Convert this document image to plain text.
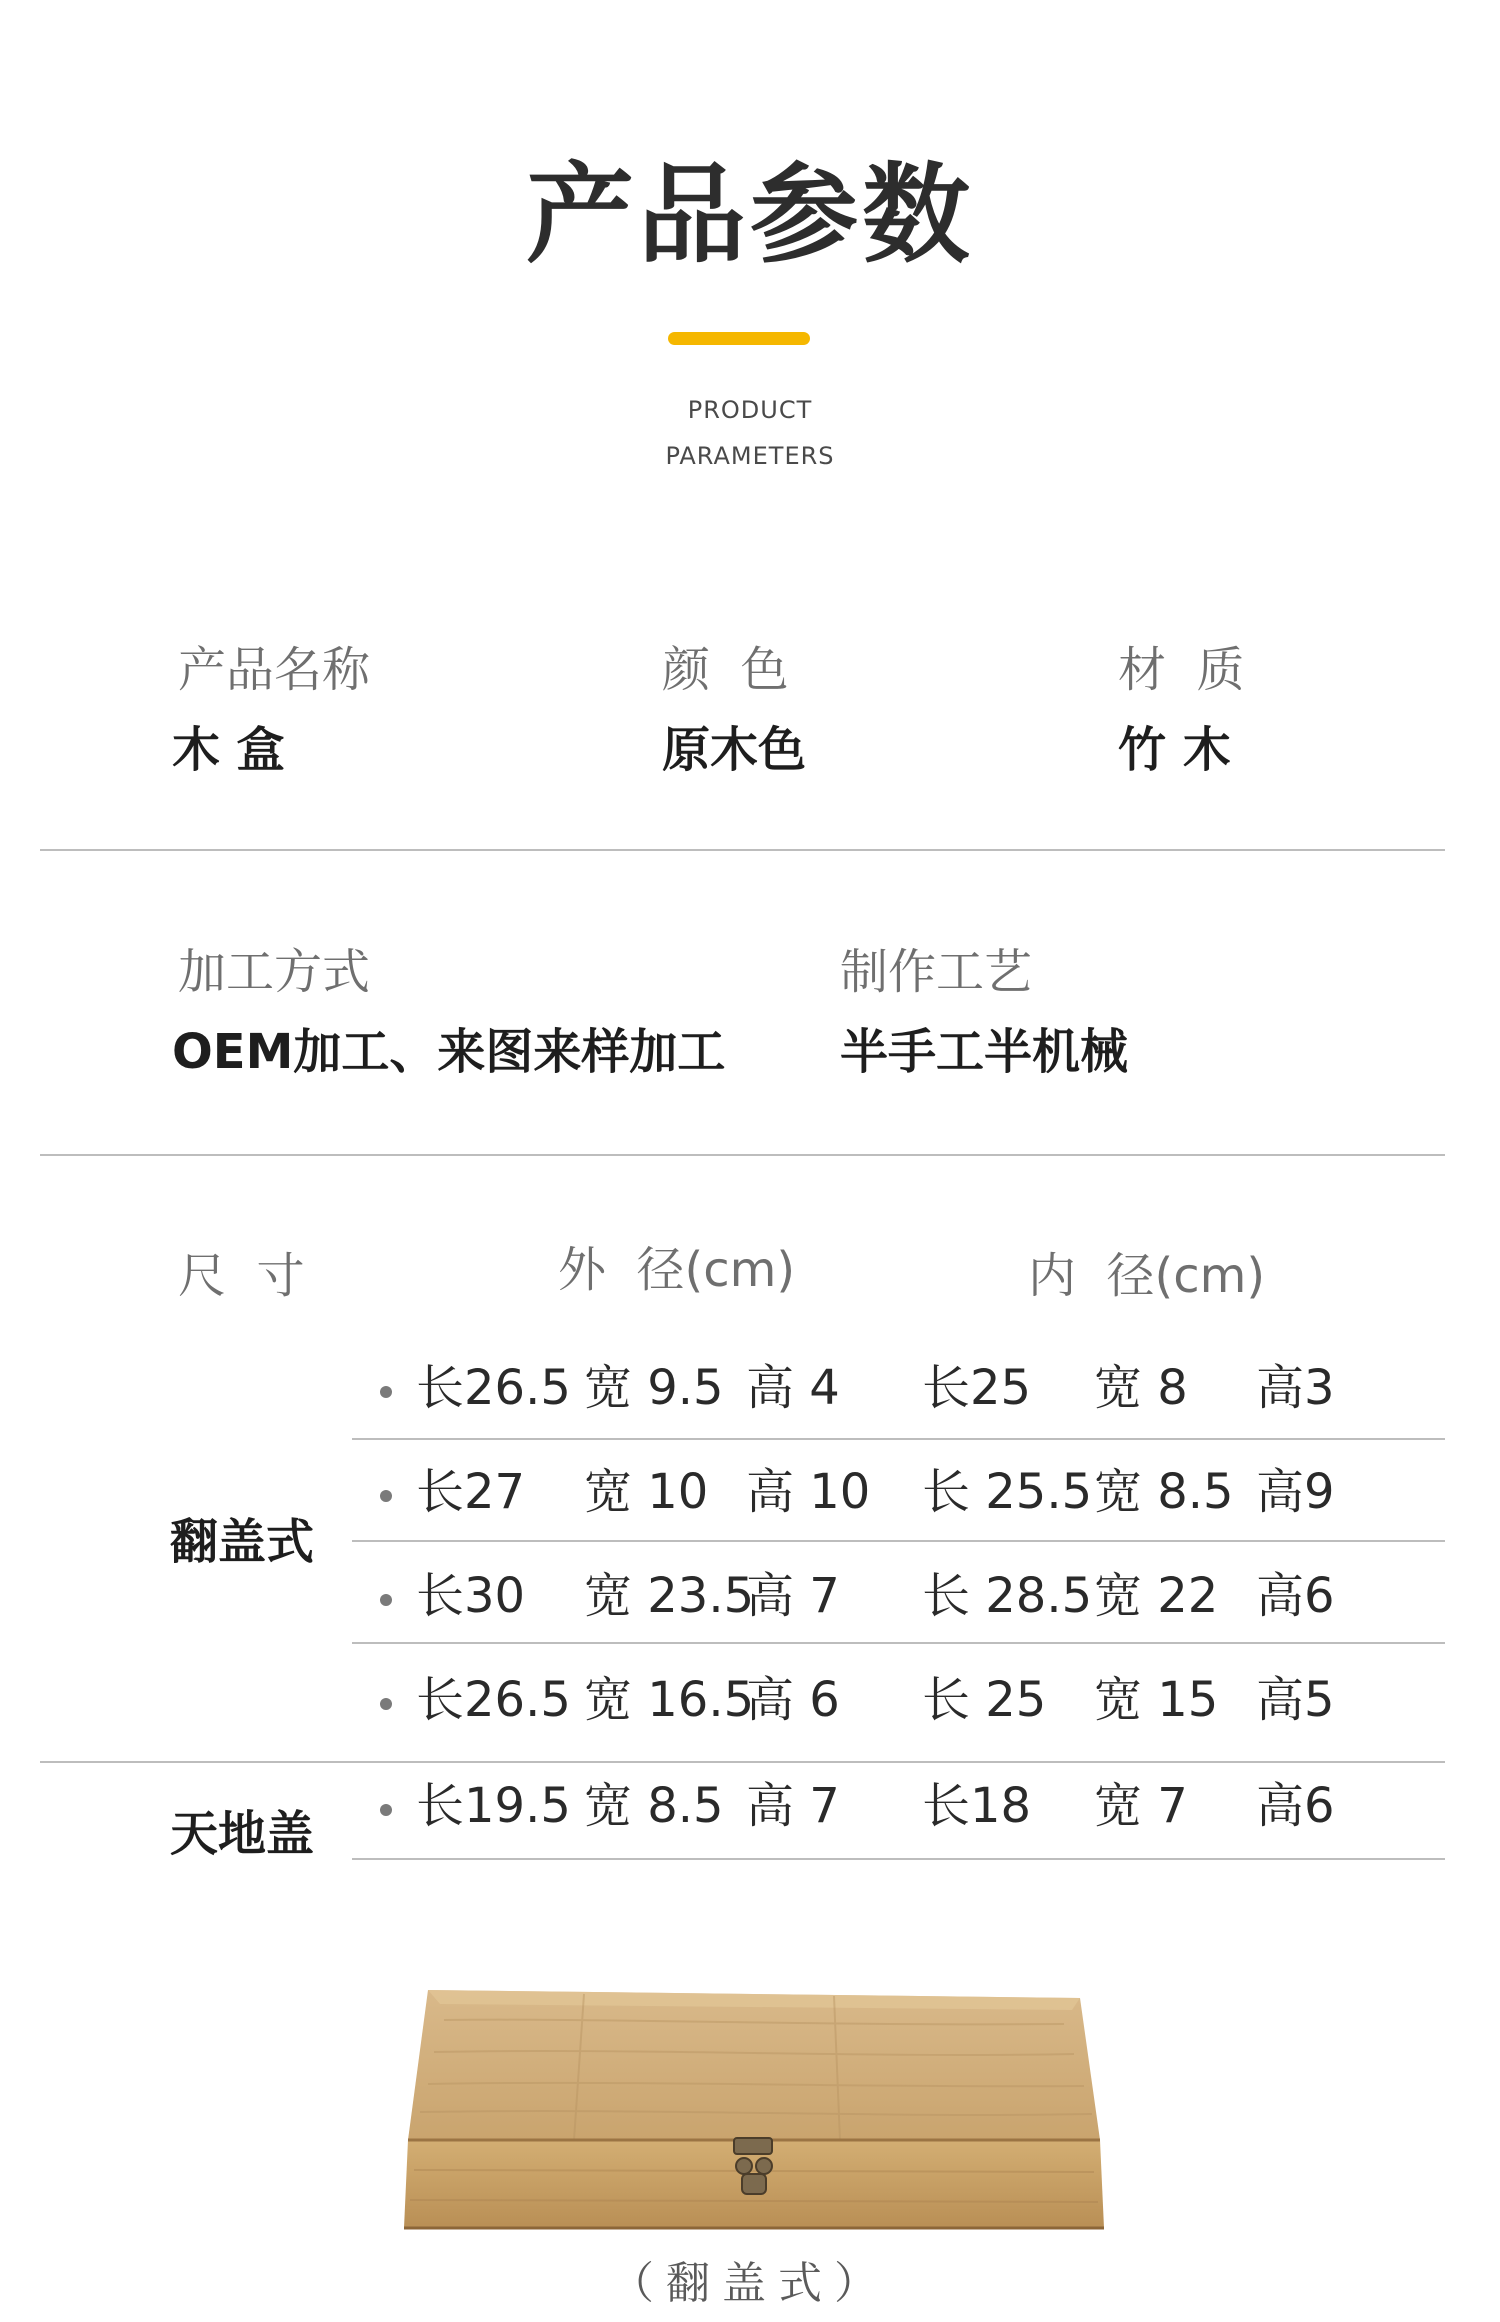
产品参数
PRODUCT
PARAMETERS
产品名称
木 盒
颜  色
原木色
材  质
竹 木
加工方式
OEM加工、来图来样加工
制作工艺
半手工半机械
尺  寸	外  径(cm)	内  径(cm)
翻盖式
长26.5 宽 9.5 高 4 长25 宽 8 高3
长27 宽 10 高 10 长 25.5 宽 8.5 高9
长30 宽 23.5
高 7 长 28.5 宽 22 高6
长26.5 宽 16.5
高 6 长 25 宽 15 高5
天地盖 长19.5 宽 8.5 高 7 长18 宽 7 高6
（翻盖式）
